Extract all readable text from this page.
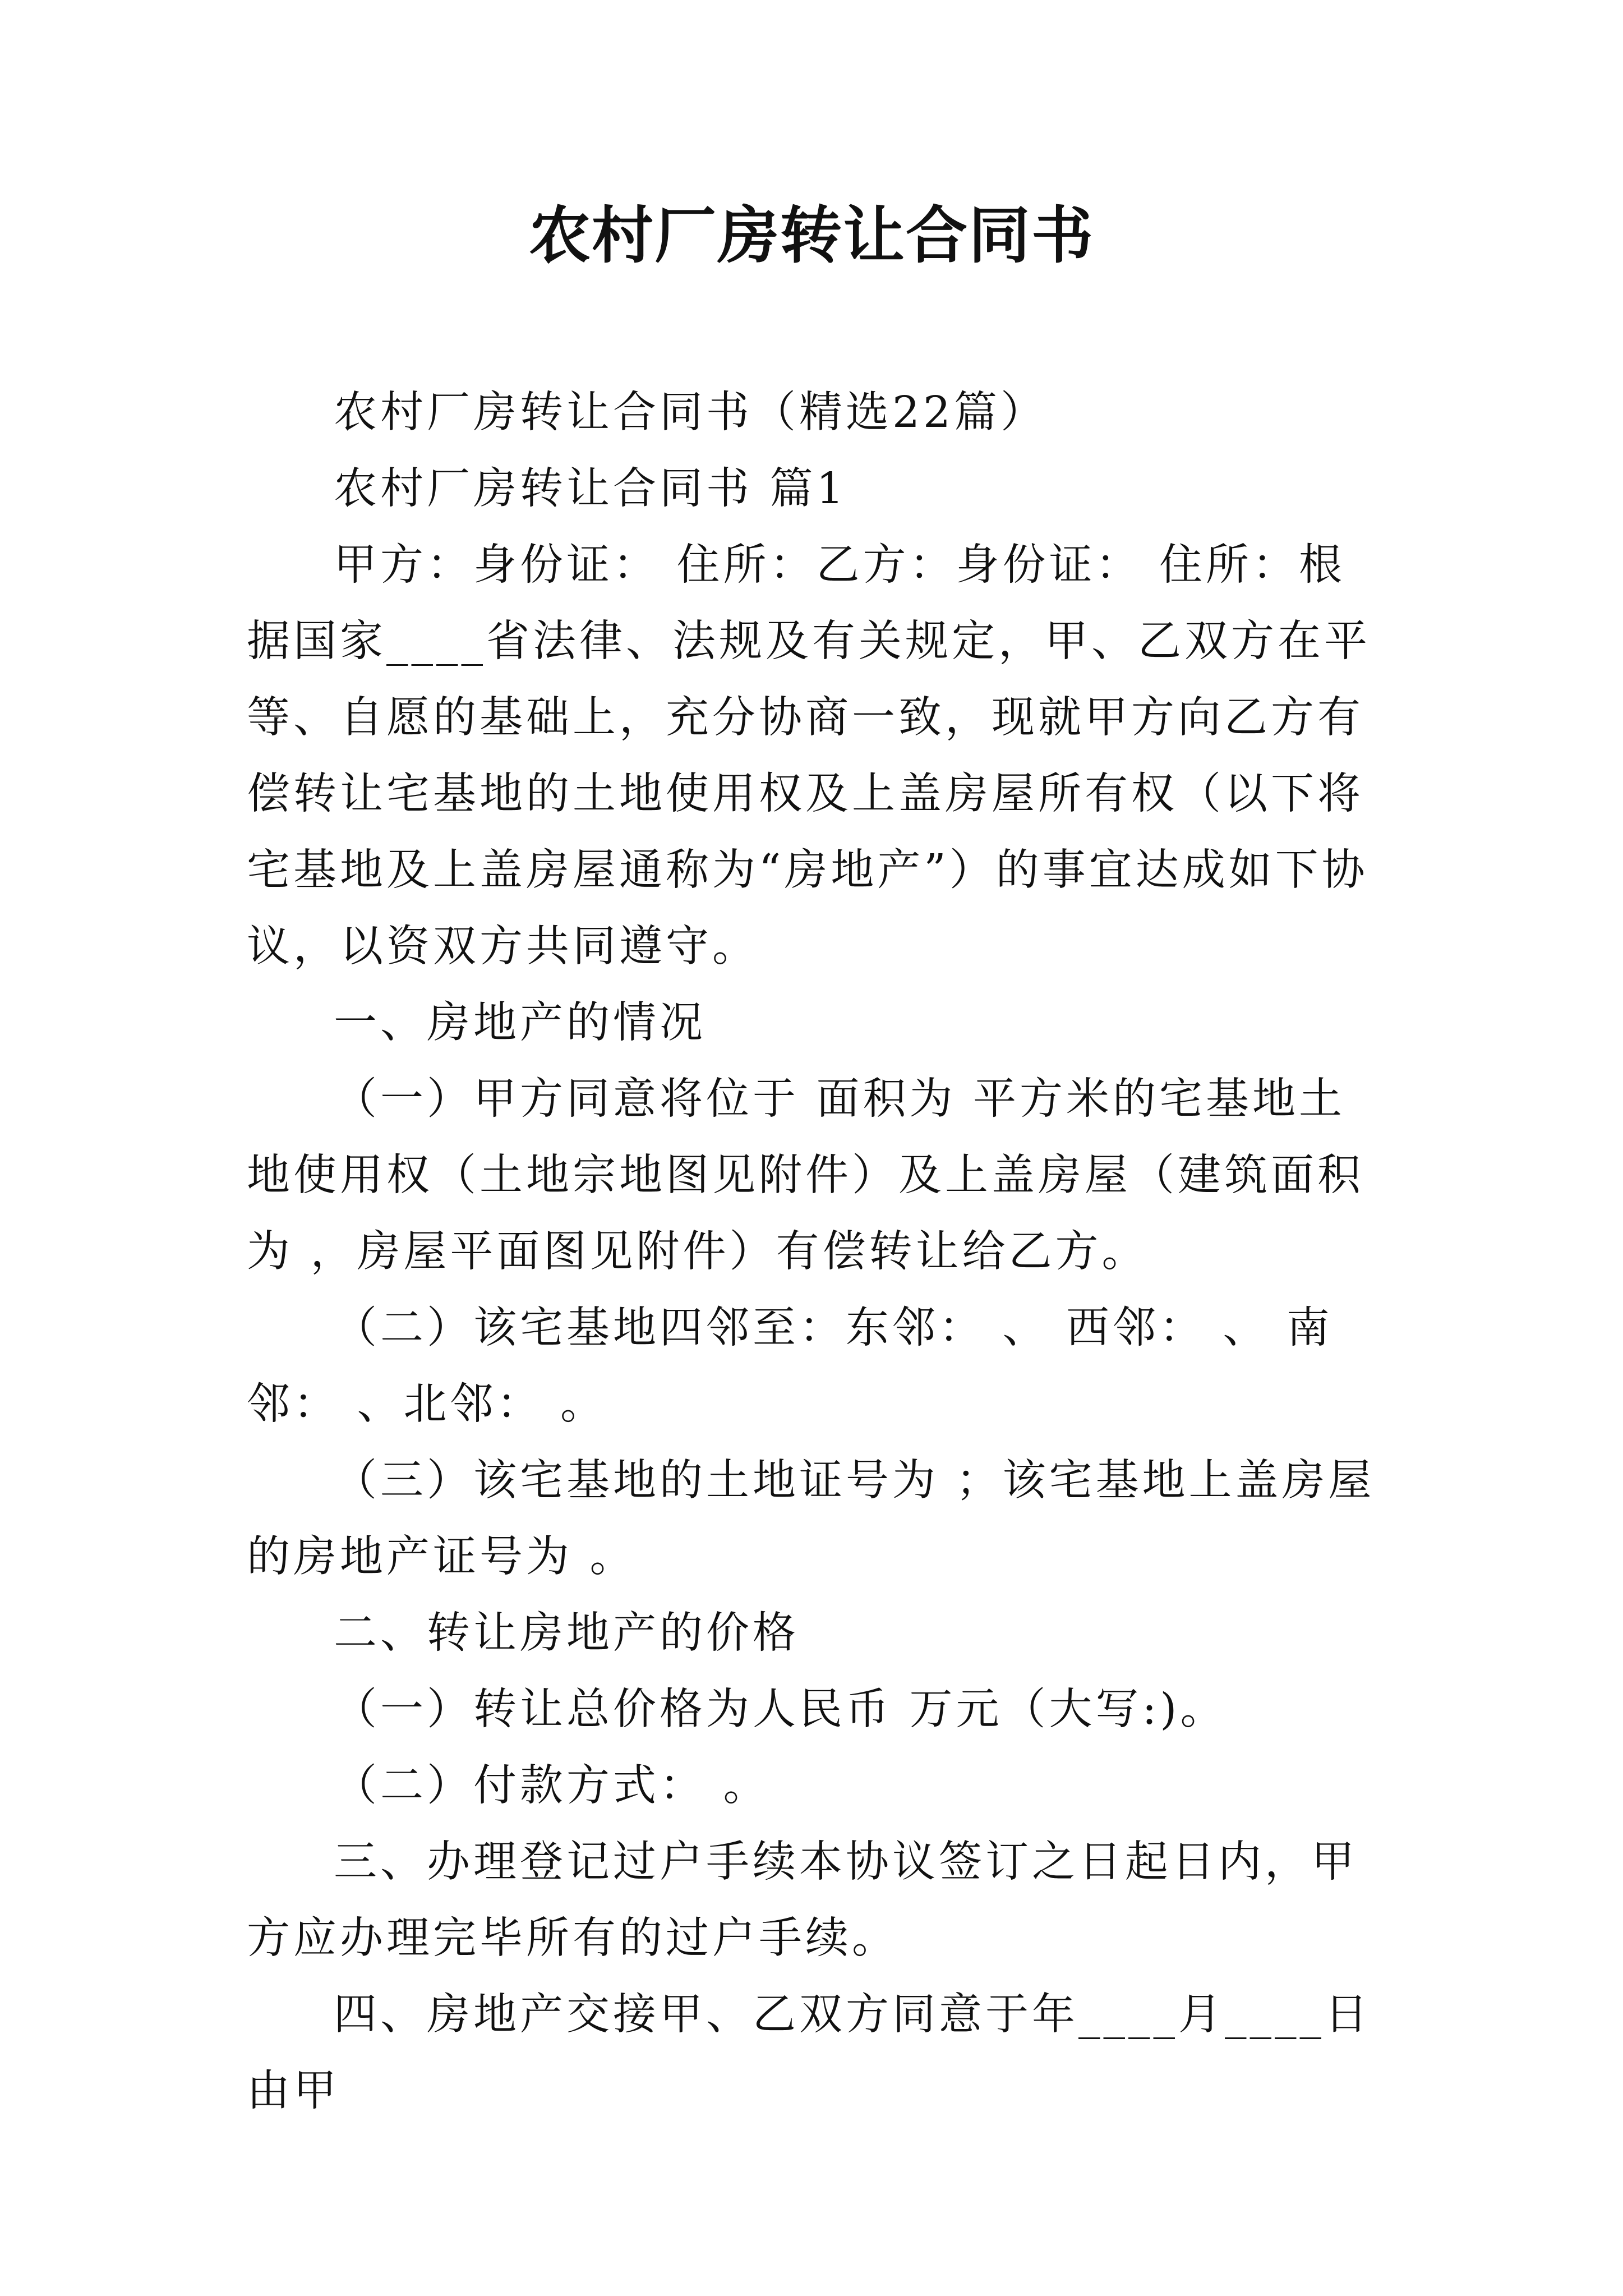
农村厂房转让合同书

农村厂房转让合同书（精选22篇）

农村厂房转让合同书 篇1

甲方：身份证： 住所：乙方：身份证： 住所：根据国家____省法律、法规及有关规定，甲、乙双方在平等、自愿的基础上，充分协商一致，现就甲方向乙方有偿转让宅基地的土地使用权及上盖房屋所有权（以下将宅基地及上盖房屋通称为“房地产”）的事宜达成如下协议，以资双方共同遵守。

一、房地产的情况

（一）甲方同意将位于 面积为 平方米的宅基地土地使用权（土地宗地图见附件）及上盖房屋（建筑面积为 ，房屋平面图见附件）有偿转让给乙方。

（二）该宅基地四邻至：东邻： 、 西邻： 、 南邻： 、北邻： 。

（三）该宅基地的土地证号为 ；该宅基地上盖房屋的房地产证号为 。

二、转让房地产的价格

（一）转让总价格为人民币 万元（大写:)。

（二）付款方式： 。

三、办理登记过户手续本协议签订之日起日内，甲方应办理完毕所有的过户手续。

四、房地产交接甲、乙双方同意于年____月____日由甲
